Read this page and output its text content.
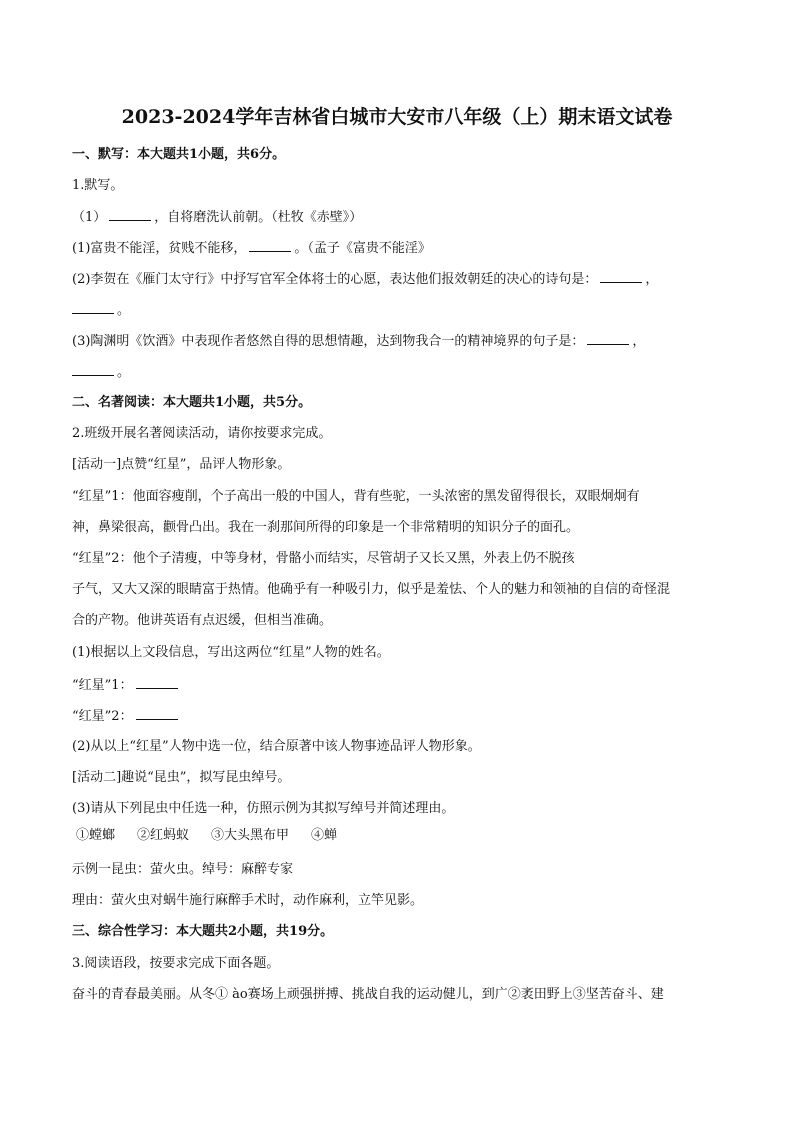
2023-2024学年吉林省白城市大安市八年级（上）期末语文试卷
一、默写：本大题共1小题，共6分。
1.默写。
（1）	，自将磨洗认前朝。（杜牧《赤壁》）
(1)富贵不能淫，贫贱不能移，	。（孟子《富贵不能淫》
(2)李贺在《雁门太守行》中抒写官军全体将士的心愿，表达他们报效朝廷的决心的诗句是：	，
。
(3)陶渊明《饮酒》中表现作者悠然自得的思想情趣，达到物我合一的精神境界的句子是：	，
。
二、名著阅读：本大题共1小题，共5分。
2.班级开展名著阅读活动，请你按要求完成。
[活动一]点赞“红星”，品评人物形象。
“红星”1：他面容瘦削，个子高出一般的中国人，背有些驼，一头浓密的黑发留得很长，双眼炯炯有
神，鼻梁很高，颧骨凸出。我在一刹那间所得的印象是一个非常精明的知识分子的面孔。
“红星”2：他个子清瘦，中等身材，骨骼小而结实，尽管胡子又长又黑，外表上仍不脱孩
子气，又大又深的眼睛富于热情。他确乎有一种吸引力，似乎是羞怯、个人的魅力和领袖的自信的奇怪混
合的产物。他讲英语有点迟缓，但相当准确。
(1)根据以上文段信息，写出这两位“红星”人物的姓名。
“红星”1：
“红星”2：
(2)从以上“红星”人物中选一位，结合原著中该人物事迹品评人物形象。
[活动二]趣说“昆虫”，拟写昆虫绰号。
(3)请从下列昆虫中任选一种，仿照示例为其拟写绰号并简述理由。
①螳螂 ②红蚂蚁 ③大头黑布甲 ④蝉
示例一昆虫：萤火虫。绰号：麻醉专家
理由：萤火虫对蜗牛施行麻醉手术时，动作麻利，立竿见影。
三、综合性学习：本大题共2小题，共19分。
3.阅读语段，按要求完成下面各题。
奋斗的青春最美丽。从冬① ào赛场上顽强拼搏、挑战自我的运动健儿，到广②袤田野上③坚苦奋斗、建
